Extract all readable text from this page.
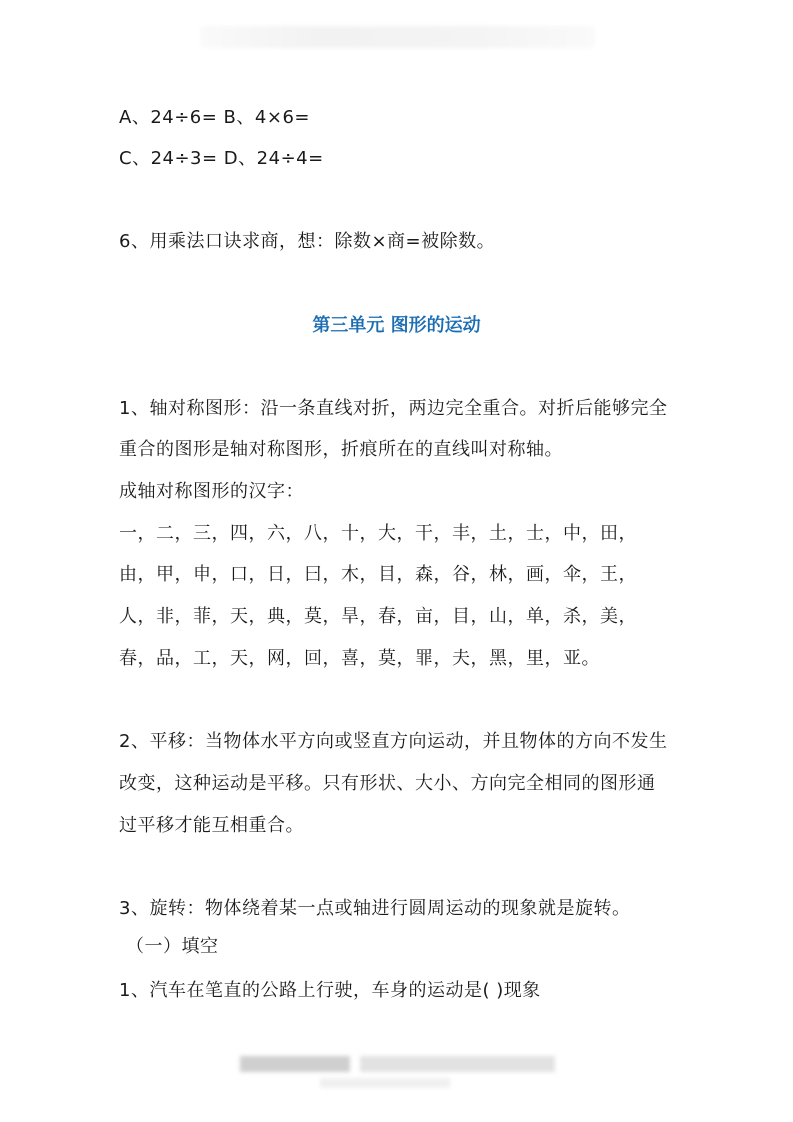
A、24÷6= B、4×6=
C、24÷3= D、24÷4=
6、用乘法口诀求商，想：除数×商=被除数。
第三单元 图形的运动
1、轴对称图形：沿一条直线对折，两边完全重合。对折后能够完全
重合的图形是轴对称图形，折痕所在的直线叫对称轴。
成轴对称图形的汉字：
一，二，三，四，六，八，十，大，干，丰，土，士，中，田，
由，甲，申，口，日，曰，木，目，森，谷，林，画，伞，王，
人，非，菲，天，典，莫，旱，春，亩，目，山，单，杀，美，
春，品，工，天，网，回，喜，莫，罪，夫，黑，里，亚。
2、平移：当物体水平方向或竖直方向运动，并且物体的方向不发生
改变，这种运动是平移。只有形状、大小、方向完全相同的图形通
过平移才能互相重合。
3、旋转：物体绕着某一点或轴进行圆周运动的现象就是旋转。
（一）填空
1、汽车在笔直的公路上行驶，车身的运动是( )现象
